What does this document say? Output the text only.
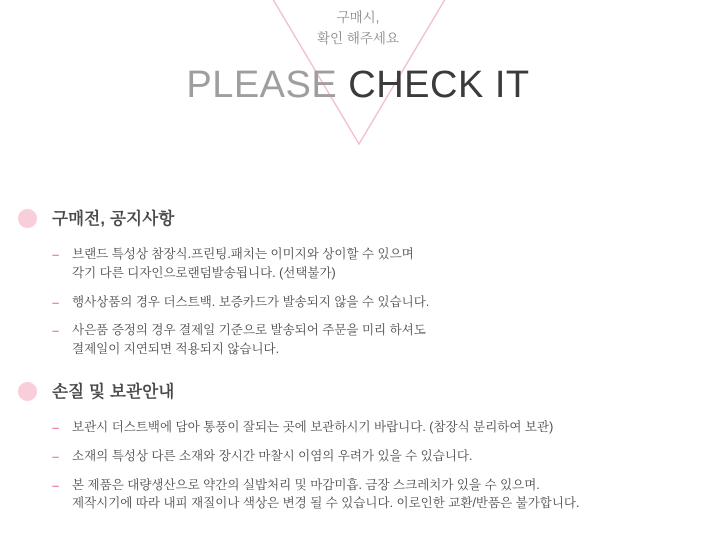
구매시,
확인 해주세요
PLEASE CHECK IT
구매전, 공지사항
– 브랜드 특성상 참장식.프린팅.패치는 이미지와 상이할 수 있으며
각기 다른 디자인으로랜덤발송됩니다. (선택불가)
– 행사상품의 경우 더스트백. 보증카드가 발송되지 않을 수 있습니다.
– 사은품 증정의 경우 결제일 기준으로 발송되어 주문을 미리 하셔도
결제일이 지연되면 적용되지 않습니다.
손질 및 보관안내
– 보관시 더스트백에 담아 통풍이 잘되는 곳에 보관하시기 바랍니다. (참장식 분리하여 보관)
– 소재의 특성상 다른 소재와 장시간 마찰시 이염의 우려가 있을 수 있습니다.
– 본 제품은 대량생산으로 약간의 실밥처리 및 마감미흡. 금장 스크레치가 있을 수 있으며.
제작시기에 따라 내피 재질이나 색상은 변경 될 수 있습니다. 이로인한 교환/반품은 불가합니다.
